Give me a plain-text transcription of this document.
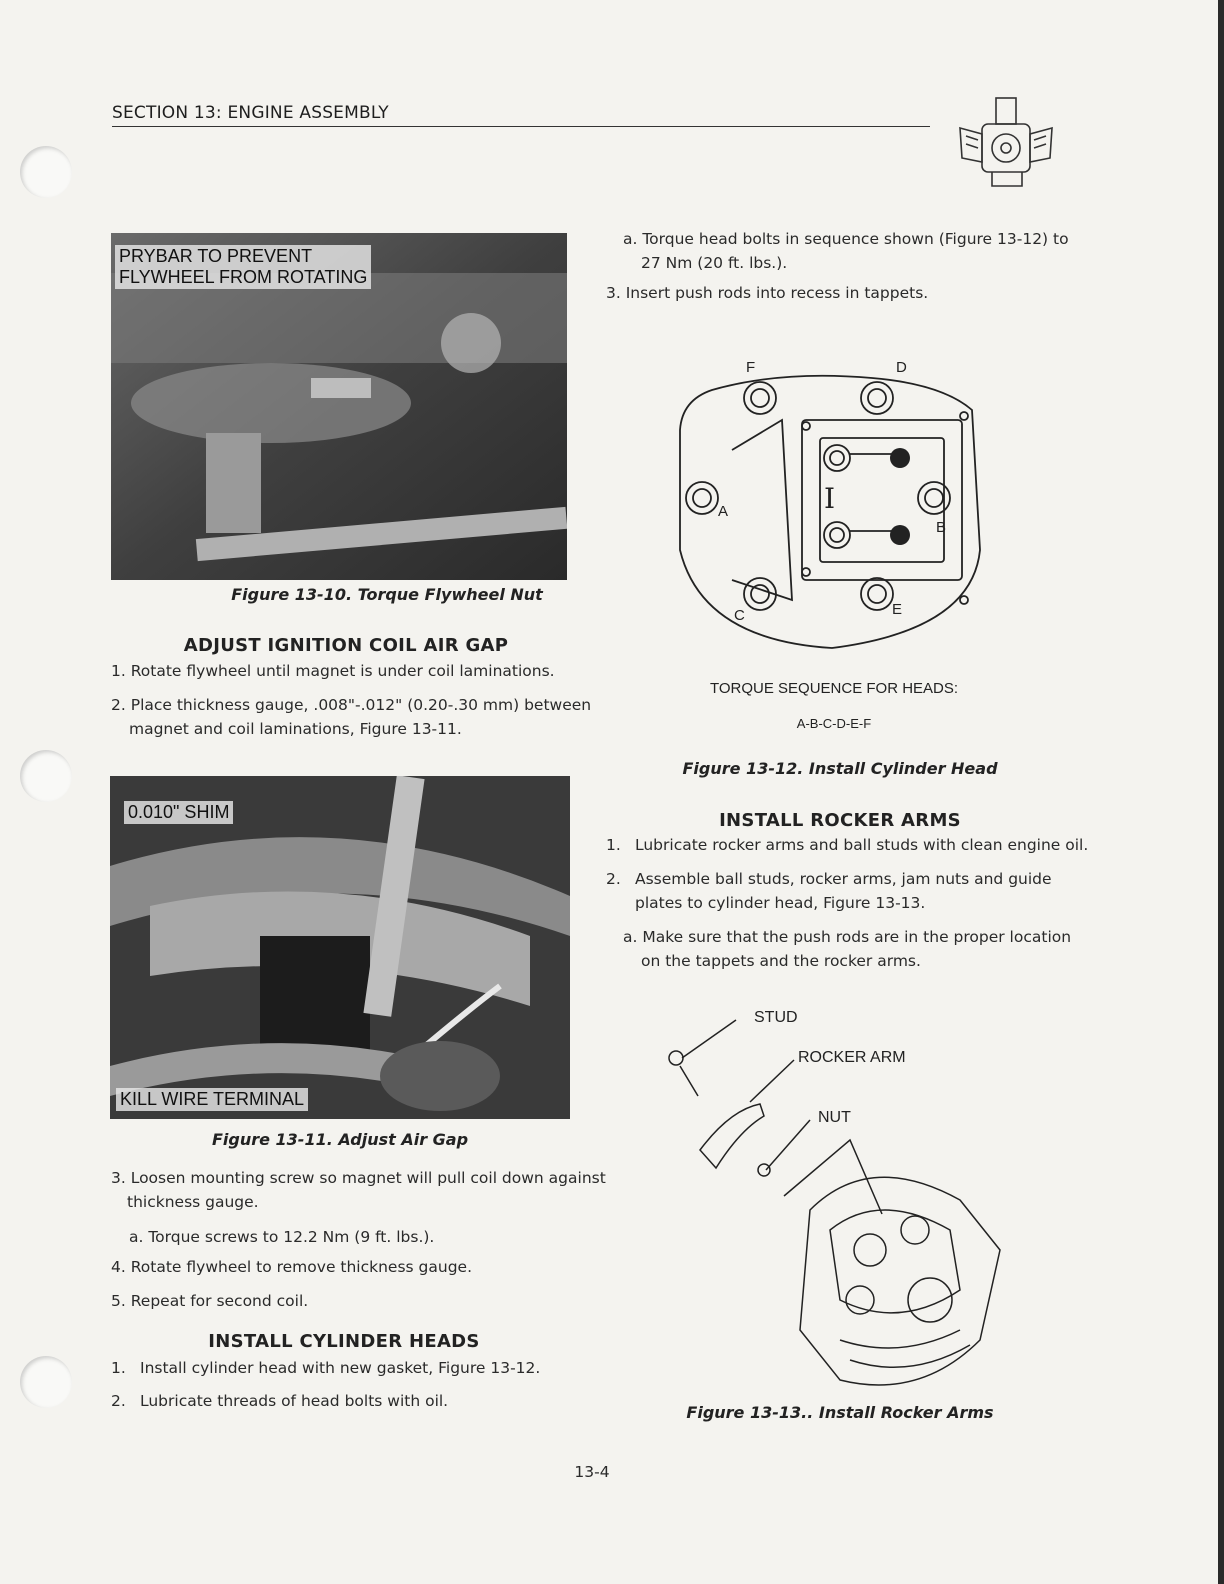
SECTION 13: ENGINE ASSEMBLY
PRYBAR TO PREVENT
FLYWHEEL FROM ROTATING
Figure 13-10. Torque Flywheel Nut
ADJUST IGNITION COIL AIR GAP
1. Rotate flywheel until magnet is under coil laminations.
2. Place thickness gauge, .008"-.012" (0.20-.30 mm) between
magnet and coil laminations, Figure 13-11.
0.010" SHIM
KILL WIRE TERMINAL
Figure 13-11. Adjust Air Gap
3. Loosen mounting screw so magnet will pull coil down against
thickness gauge.
a. Torque screws to 12.2 Nm (9 ft. lbs.).
4. Rotate flywheel to remove thickness gauge.
5. Repeat for second coil.
INSTALL CYLINDER HEADS
1. Install cylinder head with new gasket, Figure 13-12.
2. Lubricate threads of head bolts with oil.
a. Torque head bolts in sequence shown (Figure 13-12) to
27 Nm (20 ft. lbs.).
3. Insert push rods into recess in tappets.
F	D
A
B
C	E
I
TORQUE SEQUENCE FOR HEADS:
A-B-C-D-E-F
Figure 13-12. Install Cylinder Head
INSTALL ROCKER ARMS
1. Lubricate rocker arms and ball studs with clean engine oil.
2. Assemble ball studs, rocker arms, jam nuts and guide
plates to cylinder head, Figure 13-13.
a. Make sure that the push rods are in the proper location
on the tappets and the rocker arms.
STUD
ROCKER ARM
NUT
Figure 13-13.. Install Rocker Arms
13-4
